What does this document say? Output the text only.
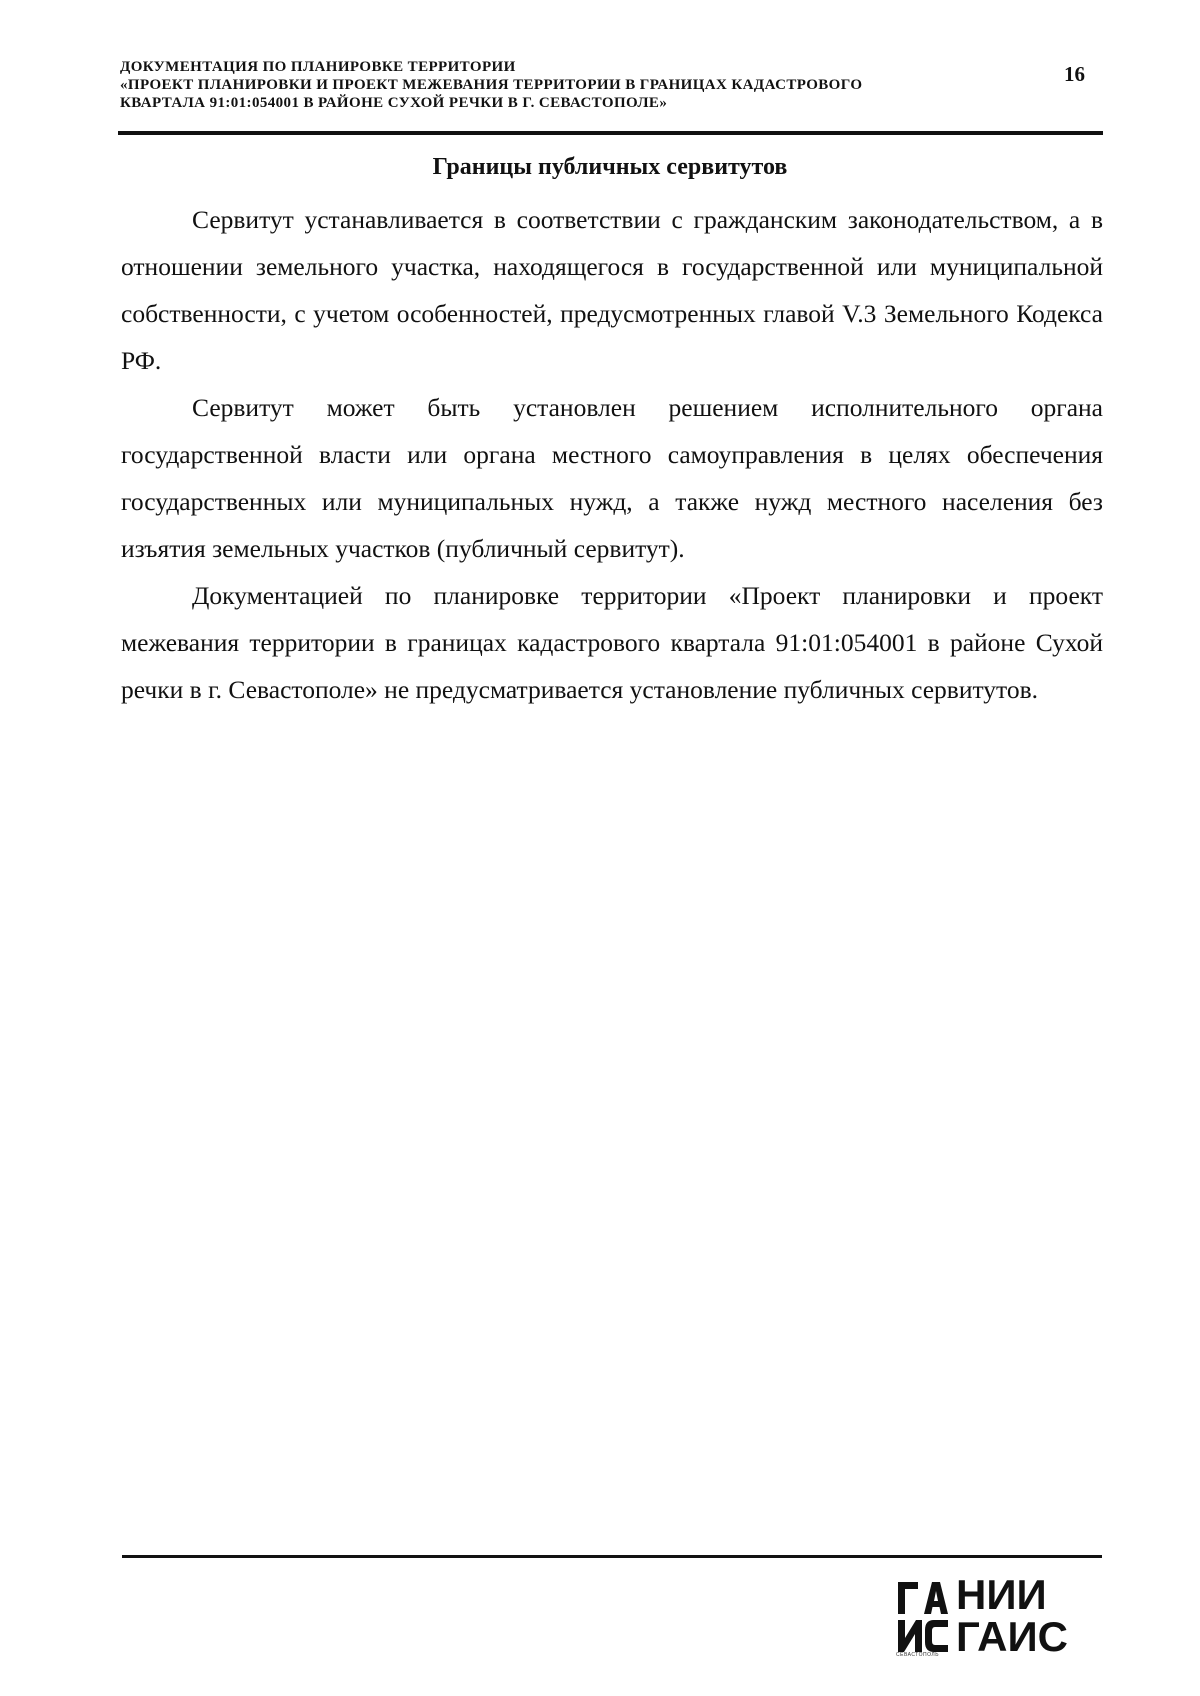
ДОКУМЕНТАЦИЯ ПО ПЛАНИРОВКЕ ТЕРРИТОРИИ
«ПРОЕКТ ПЛАНИРОВКИ И ПРОЕКТ МЕЖЕВАНИЯ ТЕРРИТОРИИ В ГРАНИЦАХ КАДАСТРОВОГО
КВАРТАЛА 91:01:054001 В РАЙОНЕ СУХОЙ РЕЧКИ В Г. СЕВАСТОПОЛЕ»
16
Границы публичных сервитутов

Сервитут устанавливается в соответствии с гражданским законодательством, а в отношении земельного участка, находящегося в государственной или муниципальной собственности, с учетом особенностей, предусмотренных главой V.3 Земельного Кодекса РФ.

Сервитут может быть установлен решением исполнительного органа государственной власти или органа местного самоуправления в целях обеспечения государственных или муниципальных нужд, а также нужд местного населения без изъятия земельных участков (публичный сервитут).

Документацией по планировке территории «Проект планировки и проект межевания территории в границах кадастрового квартала 91:01:054001 в районе Сухой речки в г. Севастополе» не предусматривается установление публичных сервитутов.

НИИ
ГАИС
СЕВАСТОПОЛЬ
